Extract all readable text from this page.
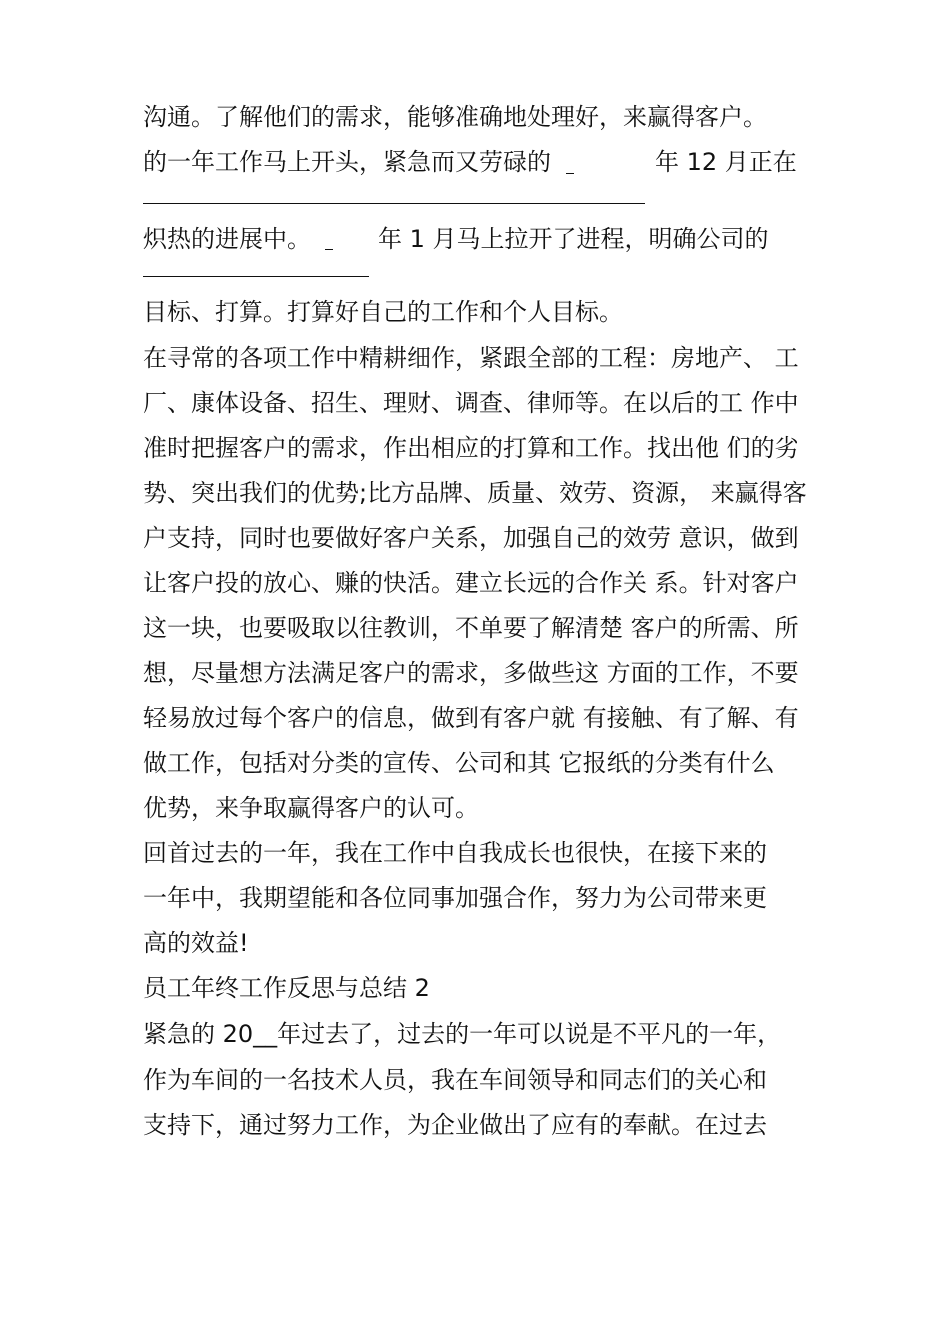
沟通。了解他们的需求，能够准确地处理好，来赢得客户。

的一年工作马上开头，紧急而又劳碌的	年 12 月正在

炽热的进展中。	年 1 月马上拉开了进程，明确公司的

目标、打算。打算好自己的工作和个人目标。

在寻常的各项工作中精耕细作，紧跟全部的工程：房地产、 工

厂、康体设备、招生、理财、调查、律师等。在以后的工 作中

准时把握客户的需求，作出相应的打算和工作。找出他 们的劣

势、突出我们的优势;比方品牌、质量、效劳、资源， 来赢得客

户支持，同时也要做好客户关系，加强自己的效劳 意识，做到

让客户投的放心、赚的快活。建立长远的合作关 系。针对客户

这一块，也要吸取以往教训，不单要了解清楚 客户的所需、所

想，尽量想方法满足客户的需求，多做些这 方面的工作，不要

轻易放过每个客户的信息，做到有客户就 有接触、有了解、有

做工作，包括对分类的宣传、公司和其 它报纸的分类有什么

优势，来争取赢得客户的认可。

回首过去的一年，我在工作中自我成长也很快，在接下来的

一年中，我期望能和各位同事加强合作，努力为公司带来更

高的效益!

员工年终工作反思与总结 2

紧急的 20__年过去了，过去的一年可以说是不平凡的一年，

作为车间的一名技术人员，我在车间领导和同志们的关心和

支持下，通过努力工作，为企业做出了应有的奉献。在过去
